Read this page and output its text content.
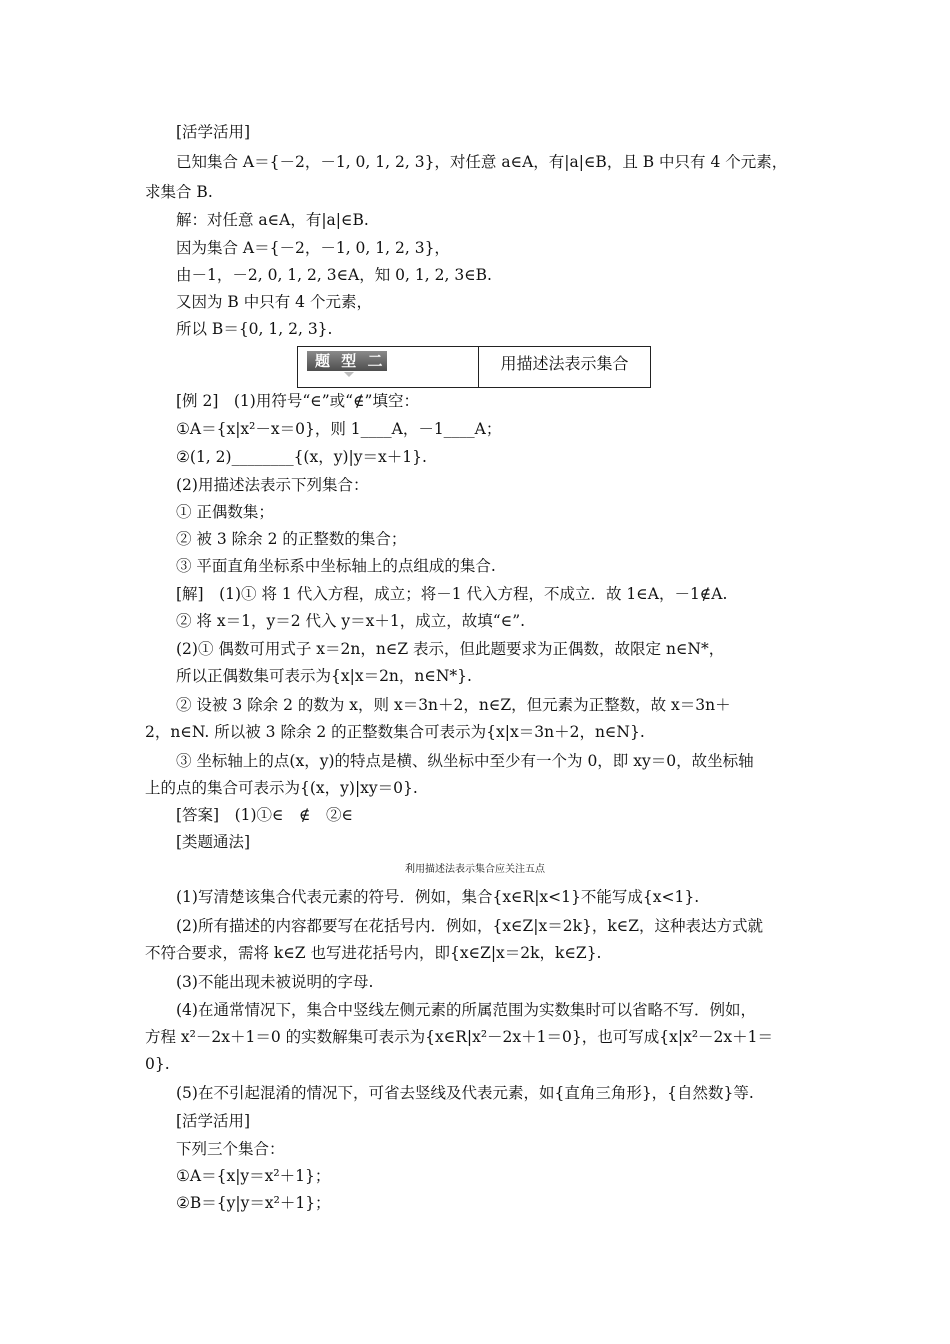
[活学活用]
已知集合 A＝{－2，－1, 0, 1, 2, 3}，对任意 a∈A，有|a|∈B，且 B 中只有 4 个元素，
求集合 B.
解：对任意 a∈A，有|a|∈B.
因为集合 A＝{－2，－1, 0, 1, 2, 3}，
由－1，－2, 0, 1, 2, 3∈A，知 0, 1, 2, 3∈B.
又因为 B 中只有 4 个元素，
所以 B＝{0, 1, 2, 3}.
题 型 二	用描述法表示集合
[例 2]　(1)用符号“∈”或“∉”填空：
①A＝{x|x²－x＝0}，则 1____A，－1____A；
②(1, 2)________{(x，y)|y＝x＋1}.
(2)用描述法表示下列集合：
① 正偶数集；
② 被 3 除余 2 的正整数的集合；
③ 平面直角坐标系中坐标轴上的点组成的集合.
[解]　(1)① 将 1 代入方程，成立；将－1 代入方程，不成立．故 1∈A，－1∉A.
② 将 x＝1，y＝2 代入 y＝x＋1，成立，故填“∈”.
(2)① 偶数可用式子 x＝2n，n∈Z 表示，但此题要求为正偶数，故限定 n∈N*，
所以正偶数集可表示为{x|x＝2n，n∈N*}.
② 设被 3 除余 2 的数为 x，则 x＝3n＋2，n∈Z，但元素为正整数，故 x＝3n＋
2，n∈N. 所以被 3 除余 2 的正整数集合可表示为{x|x＝3n＋2，n∈N}.
③ 坐标轴上的点(x，y)的特点是横、纵坐标中至少有一个为 0，即 xy＝0，故坐标轴
上的点的集合可表示为{(x，y)|xy＝0}.
[答案]　(1)①∈　∉　②∈
[类题通法]
利用描述法表示集合应关注五点
(1)写清楚该集合代表元素的符号．例如，集合{x∈R|x<1}不能写成{x<1}.
(2)所有描述的内容都要写在花括号内．例如，{x∈Z|x＝2k}，k∈Z，这种表达方式就
不符合要求，需将 k∈Z 也写进花括号内，即{x∈Z|x＝2k，k∈Z}.
(3)不能出现未被说明的字母.
(4)在通常情况下，集合中竖线左侧元素的所属范围为实数集时可以省略不写．例如，
方程 x²－2x＋1＝0 的实数解集可表示为{x∈R|x²－2x＋1＝0}，也可写成{x|x²－2x＋1＝
0}.
(5)在不引起混淆的情况下，可省去竖线及代表元素，如{直角三角形}，{自然数}等.
[活学活用]
下列三个集合：
①A＝{x|y＝x²＋1}；
②B＝{y|y＝x²＋1}；
